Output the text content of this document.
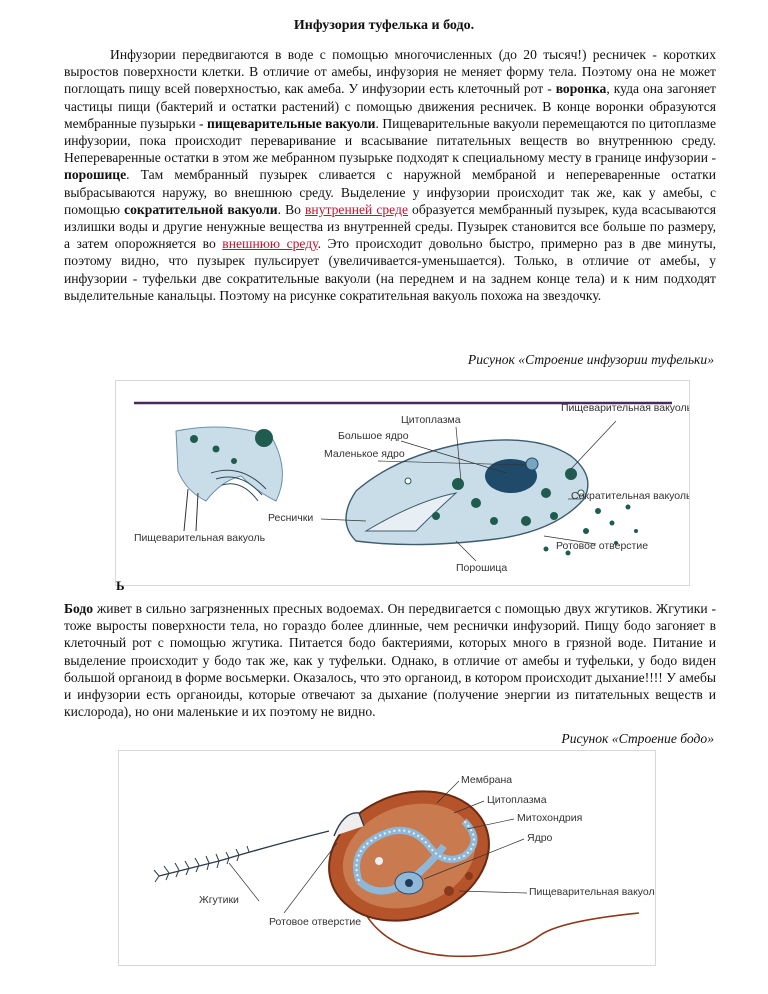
Инфузория туфелька и бодо.

Инфузории передвигаются в воде с помощью многочисленных (до 20 тысяч!) ресничек - коротких выростов поверхности клетки. В отличие от амебы, инфузория не меняет форму тела. Поэтому она не может поглощать пищу всей поверхностью, как амеба. У инфузории есть клеточный рот - воронка, куда она загоняет частицы пищи (бактерий и остатки растений) с помощью движения ресничек. В конце воронки образуются мембранные пузырьки - пищеварительные вакуоли. Пищеварительные вакуоли перемещаются по цитоплазме инфузории, пока происходит переваривание и всасывание питательных веществ во внутреннюю среду. Непереваренные остатки в этом же мебранном пузырьке подходят к специальному месту в границе инфузории - порошице. Там мембранный пузырек сливается с наружной мембраной и непереваренные остатки выбрасываются наружу, во внешнюю среду. Выделение у инфузории происходит так же, как у амебы, с помощью сократительной вакуоли. Во внутренней среде образуется мембранный пузырек, куда всасываются излишки воды и другие ненужные вещества из внутренней среды. Пузырек становится все больше по размеру, а затем опорожняется во внешнюю среду. Это происходит довольно быстро, примерно раз в две минуты, поэтому видно, что пузырек пульсирует (увеличивается-уменьшается). Только, в отличие от амебы, у инфузории - туфельки две сократительные вакуоли (на переднем и на заднем конце тела) и к ним подходят выделительные канальцы. Поэтому на рисунке сократительная вакуоль похожа на звездочку.

Рисунок «Строение инфузории туфельки»
Цитоплазма
Пищеварительная вакуоль
Большое ядро
Маленькое ядро
Сократительная вакуоль
Реснички
Пищеварительная вакуоль
Ротовое отверстие
Порошица
Ь

Бодо живет в сильно загрязненных пресных водоемах. Он передвигается с помощью двух жгутиков. Жгутики - тоже выросты поверхности тела, но гораздо более длинные, чем реснички инфузорий. Пищу бодо загоняет в клеточный рот с помощью жгутика. Питается бодо бактериями, которых много в грязной воде. Питание и выделение происходит у бодо так же, как у туфельки. Однако, в отличие от амебы и туфельки, у бодо виден большой органоид в форме восьмерки. Оказалось, что это органоид, в котором происходит дыхание!!!! У амебы и инфузории есть органоиды, которые отвечают за дыхание (получение энергии из питательных веществ и кислорода), но они маленькие и их поэтому не видно.

Рисунок «Строение бодо»
Мембрана
Цитоплазма
Митохондрия
Ядро
Пищеварительная вакуоль
Жгутики
Ротовое отверстие
